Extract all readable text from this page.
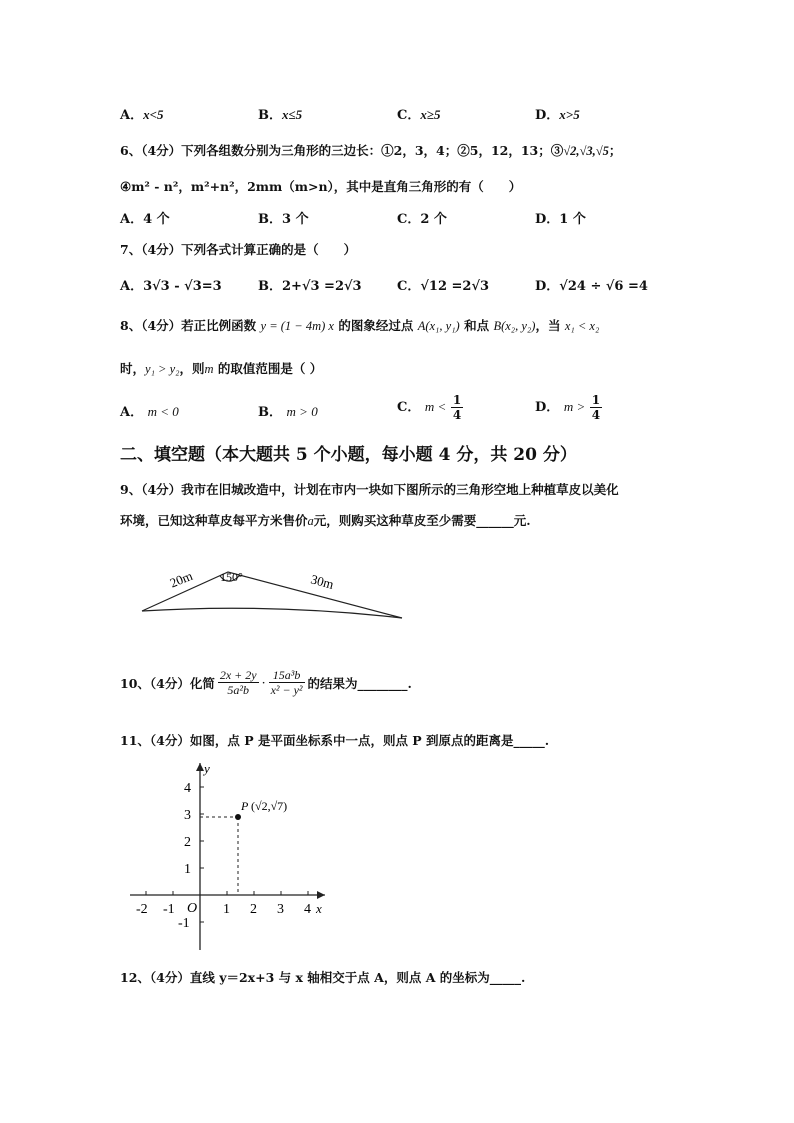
A．x<5	B．x≤5	C．x≥5	D．x>5
6、（4分）下列各组数分别为三角形的三边长：①2，3，4；②5，12，13；③√2,√3,√5；
④m² - n²，m²+n²，2mm（m>n），其中是直角三角形的有（　　）
A．4 个	B．3 个	C．2 个	D．1 个
7、（4分）下列各式计算正确的是（　　）
A．3√3 - √3=3	B．2+√3 =2√3	C．√12 =2√3	D．√24 ÷ √6 =4
8、（4分）若正比例函数 y = (1 − 4m) x 的图象经过点 A(x₁, y₁) 和点 B(x₂, y₂)，当 x₁ < x₂
时，y₁ > y₂，则m 的取值范围是（ ）
A． m < 0	B． m > 0	C． $m < \frac{1}{4}$	D． $m > \frac{1}{4}$
二、填空题（本大题共 5 个小题，每小题 4 分，共 20 分）
9、（4分）我市在旧城改造中，计划在市内一块如下图所示的三角形空地上种植草皮以美化
环境，已知这种草皮每平方米售价a元，则购买这种草皮至少需要______元.
20m 150°	30m
10、（4分）化简 $\frac{2x + 2y}{\text{5a²b}} \cdot \frac{\text{15a³b}}{\text{x² − y²}}$ 的结果为________.
11、（4分）如图，点 P 是平面坐标系中一点，则点 P 到原点的距离是_____.
y
x
O
P (√2,√7)
-2 -1	1 2 3 4
4
3
2
1
-1
12、（4分）直线 y＝2x+3 与 x 轴相交于点 A，则点 A 的坐标为_____.
